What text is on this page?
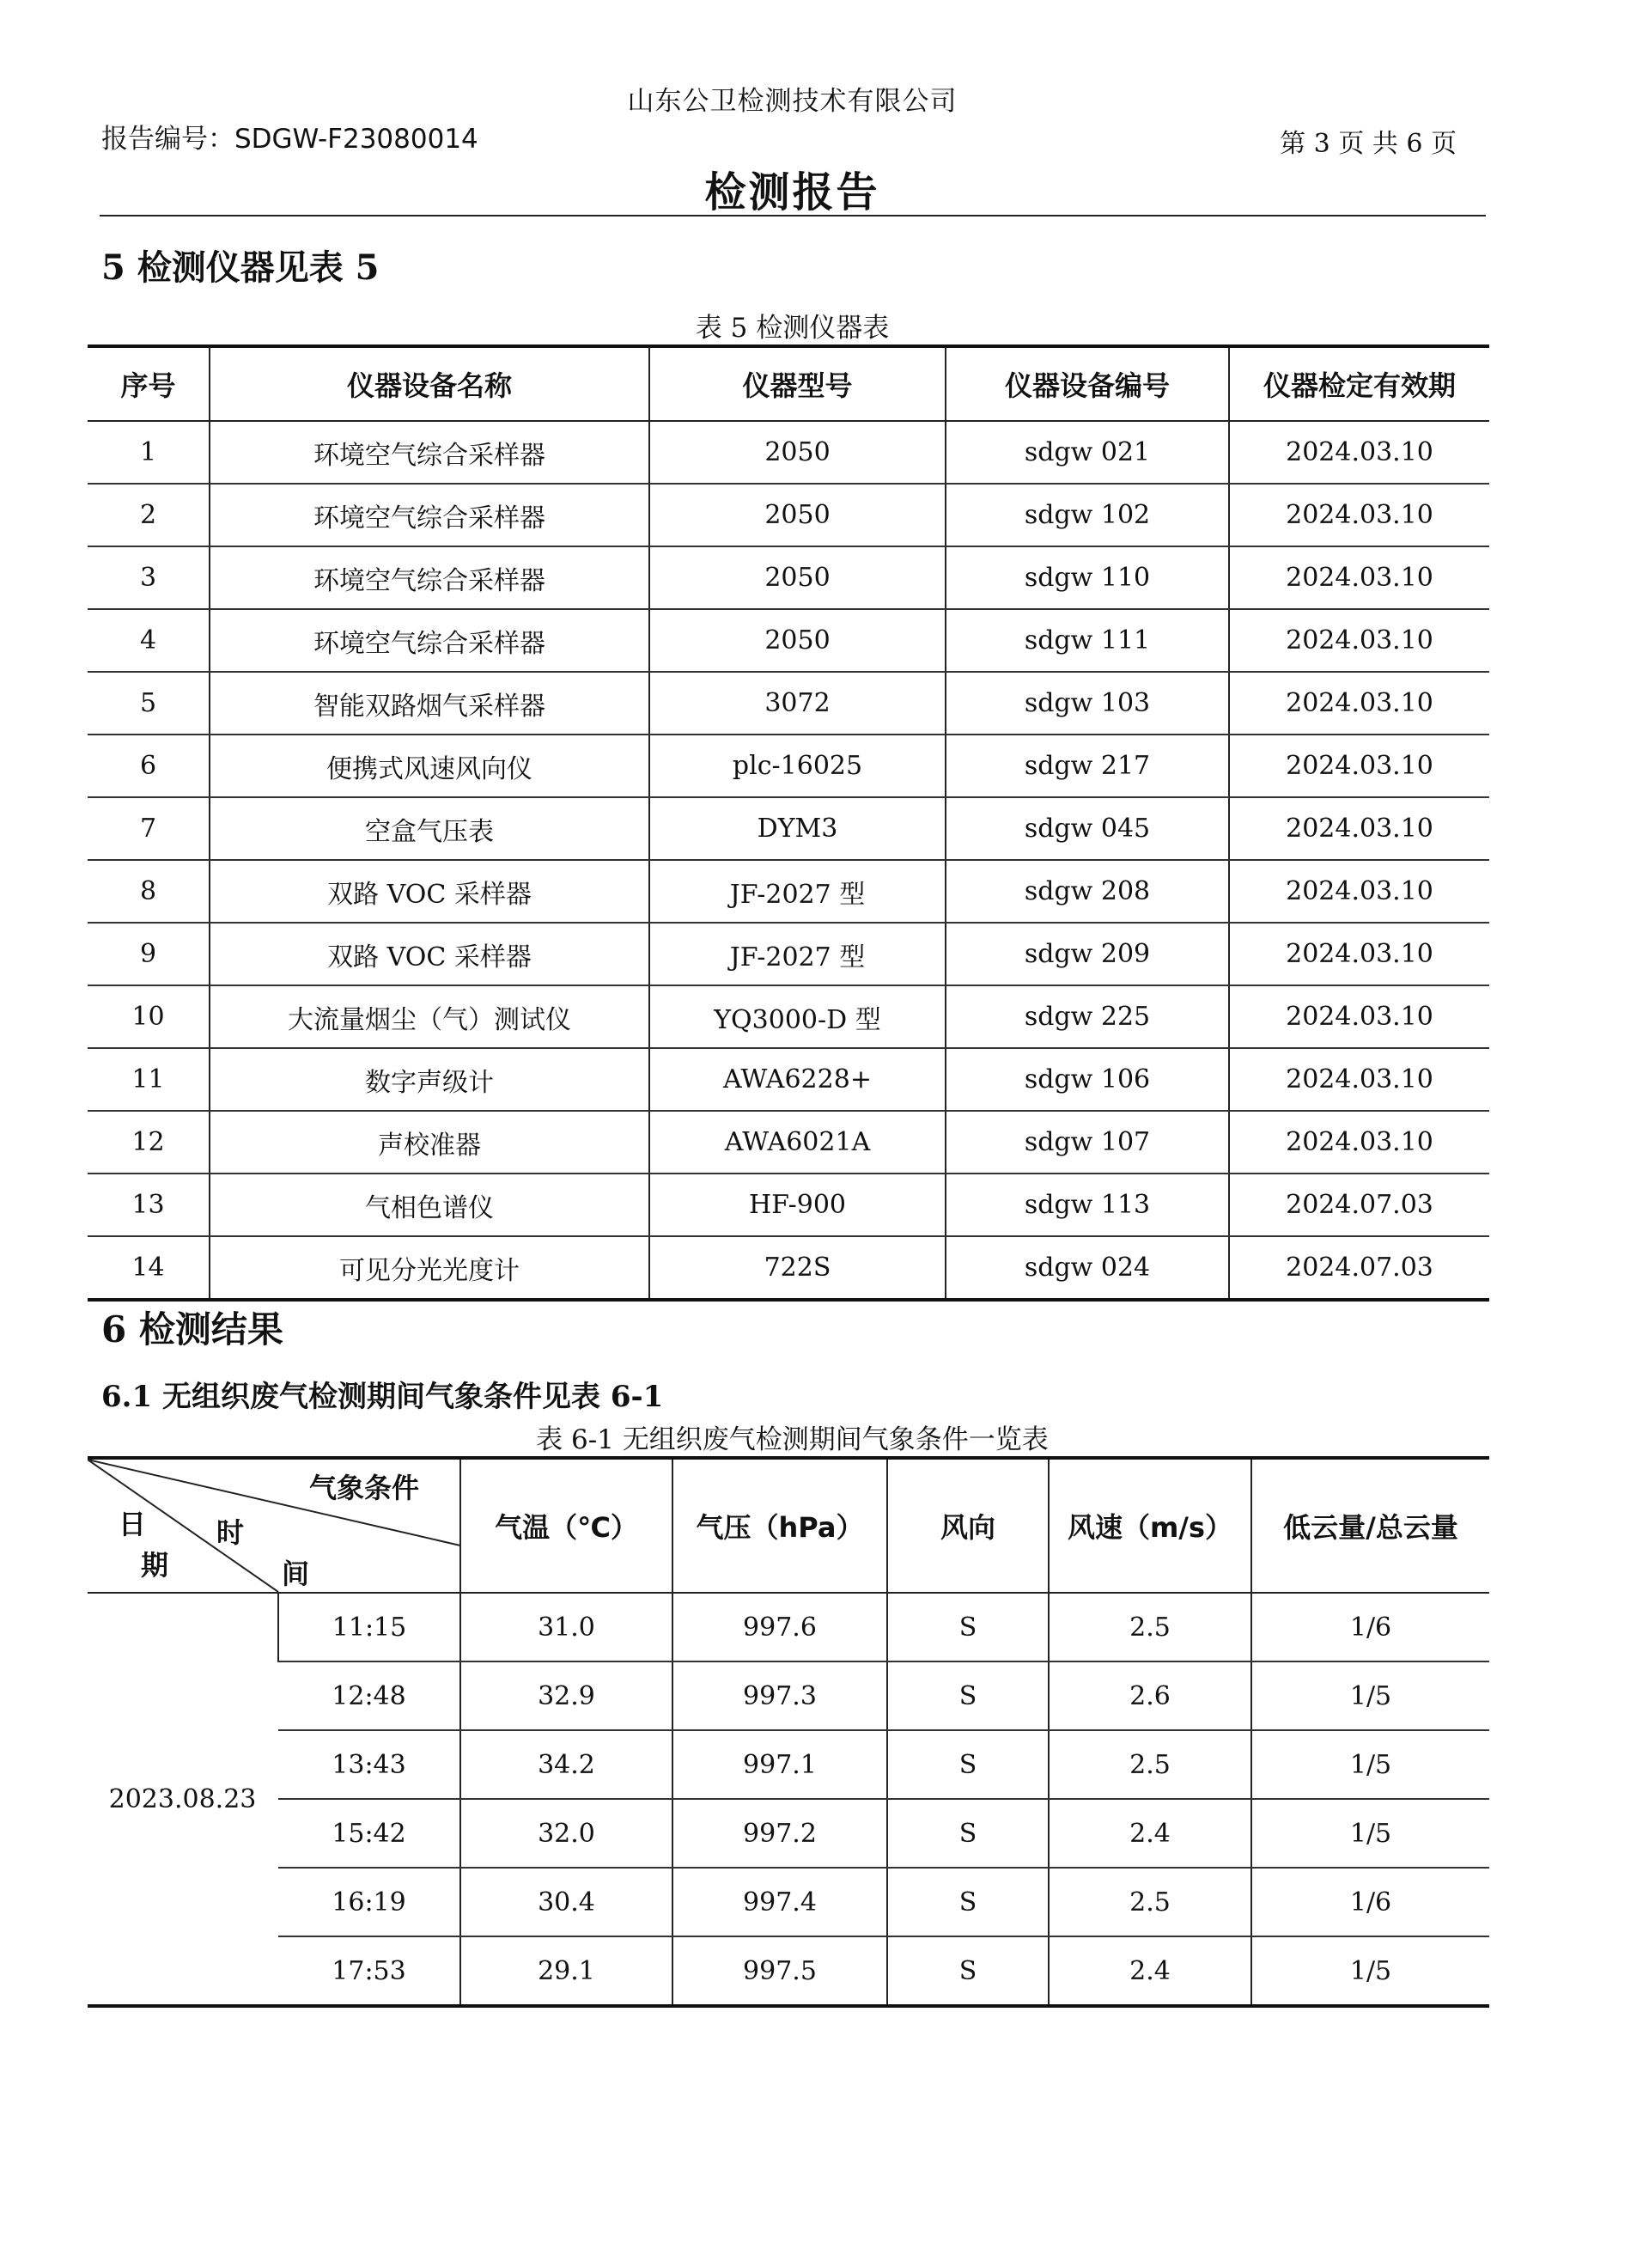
山东公卫检测技术有限公司
报告编号：SDGW-F23080014	第 3 页 共 6 页
检测报告
5 检测仪器见表 5
表 5 检测仪器表
序号	仪器设备名称	仪器型号	仪器设备编号	仪器检定有效期
1	环境空气综合采样器	2050	sdgw 021	2024.03.10
2	环境空气综合采样器	2050	sdgw 102	2024.03.10
3	环境空气综合采样器	2050	sdgw 110	2024.03.10
4	环境空气综合采样器	2050	sdgw 111	2024.03.10
5	智能双路烟气采样器	3072	sdgw 103	2024.03.10
6	便携式风速风向仪	plc-16025	sdgw 217	2024.03.10
7	空盒气压表	DYM3	sdgw 045	2024.03.10
8	双路 VOC 采样器	JF-2027 型	sdgw 208	2024.03.10
9	双路 VOC 采样器	JF-2027 型	sdgw 209	2024.03.10
10	大流量烟尘（气）测试仪	YQ3000-D 型	sdgw 225	2024.03.10
11	数字声级计	AWA6228+	sdgw 106	2024.03.10
12	声校准器	AWA6021A	sdgw 107	2024.03.10
13	气相色谱仪	HF-900	sdgw 113	2024.07.03
14	可见分光光度计	722S	sdgw 024	2024.07.03
6 检测结果
6.1 无组织废气检测期间气象条件见表 6-1
表 6-1 无组织废气检测期间气象条件一览表
气象条件
时
间
日
期		气温（℃）	气压（hPa）	风向	风速（m/s）	低云量/总云量
2023.08.23	11:15	31.0	997.6	S	2.5	1/6
	12:48	32.9	997.3	S	2.6	1/5
	13:43	34.2	997.1	S	2.5	1/5
	15:42	32.0	997.2	S	2.4	1/5
	16:19	30.4	997.4	S	2.5	1/6
	17:53	29.1	997.5	S	2.4	1/5
